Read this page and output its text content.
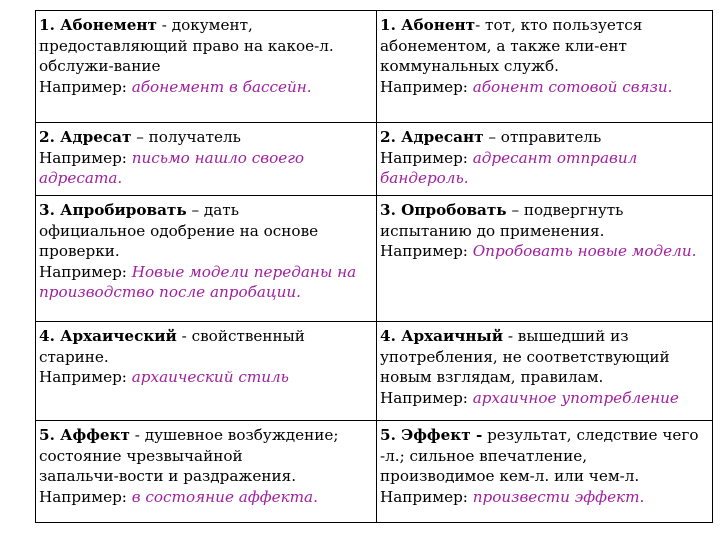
1. Абонемент - документ,
предоставляющий право на какое-л.
обслужи-вание
Например: абонемент в бассейн.	1. Абонент- тот, кто пользуется
абонементом, а также кли-ент
коммунальных служб.
Например: абонент сотовой связи.

2. Адресат – получатель
Например: письмо нашло своего
адресата.	2. Адресант – отправитель
Например: адресант отправил
бандероль.

3. Апробировать – дать
официальное одобрение на основе
проверки.
Например: Новые модели переданы на
производство после апробации.	3. Опробовать – подвергнуть
испытанию до применения.
Например: Опробовать новые модели.

4. Архаический - свойственный
старине.
Например: архаический стиль	4. Архаичный - вышедший из
употребления, не соответствующий
новым взглядам, правилам.
Например: архаичное употребление

5. Аффект - душевное возбуждение;
состояние чрезвычайной
запальчи-вости и раздражения.
Например: в состояние аффекта.	5. Эффект - результат, следствие чего
-л.; сильное впечатление,
производимое кем-л. или чем-л.
Например: произвести эффект.
